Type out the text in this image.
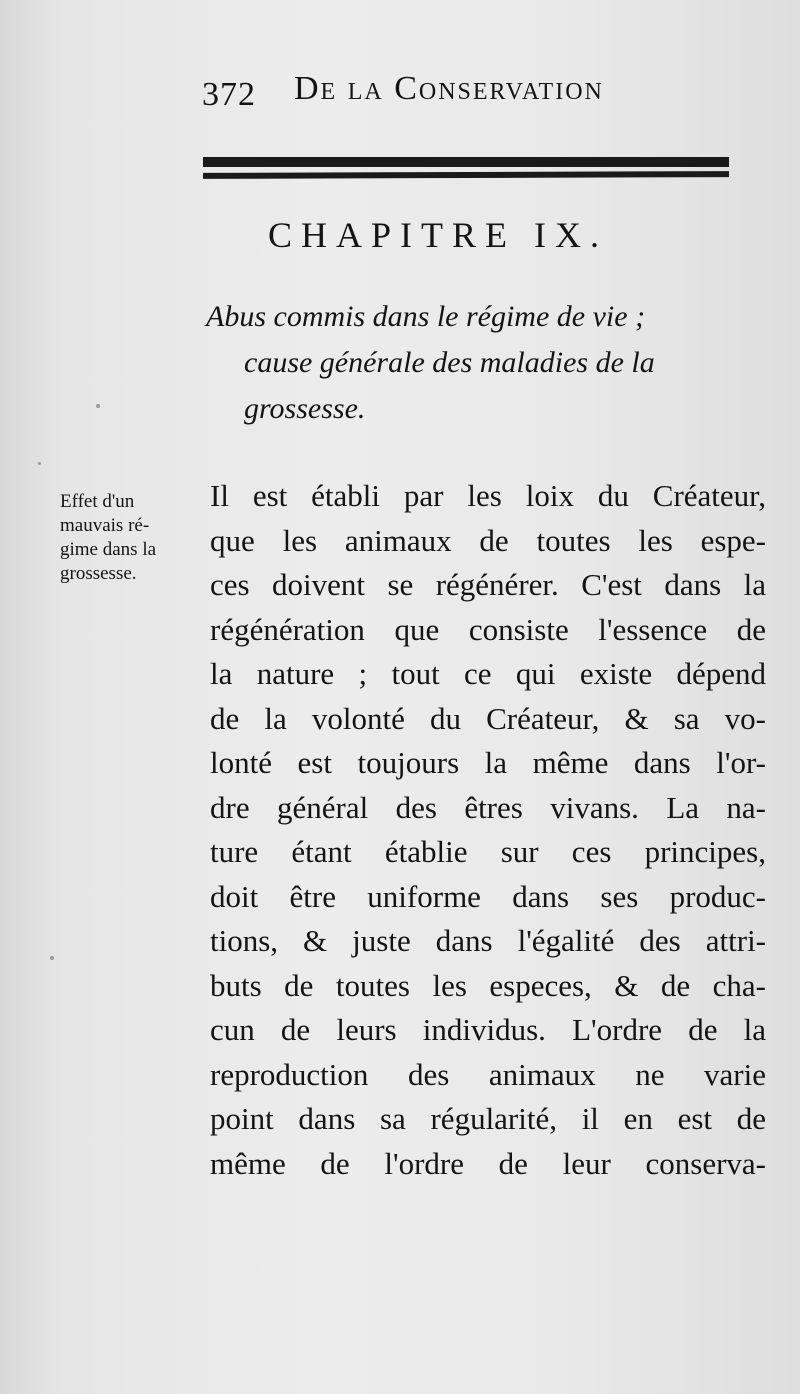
372 De la Conservation
CHAPITRE IX.
Abus commis dans le régime de vie ;
cause générale des maladies de la
grossesse.
Effet d'un
mauvais ré-
gime dans la
grossesse.
Il est établi par les loix du Créateur,
que les animaux de toutes les espe-
ces doivent se régénérer. C'est dans la
régénération que consiste l'essence de
la nature ; tout ce qui existe dépend
de la volonté du Créateur, & sa vo-
lonté est toujours la même dans l'or-
dre général des êtres vivans. La na-
ture étant établie sur ces principes,
doit être uniforme dans ses produc-
tions, & juste dans l'égalité des attri-
buts de toutes les especes, & de cha-
cun de leurs individus. L'ordre de la
reproduction des animaux ne varie
point dans sa régularité, il en est de
même de l'ordre de leur conserva-
